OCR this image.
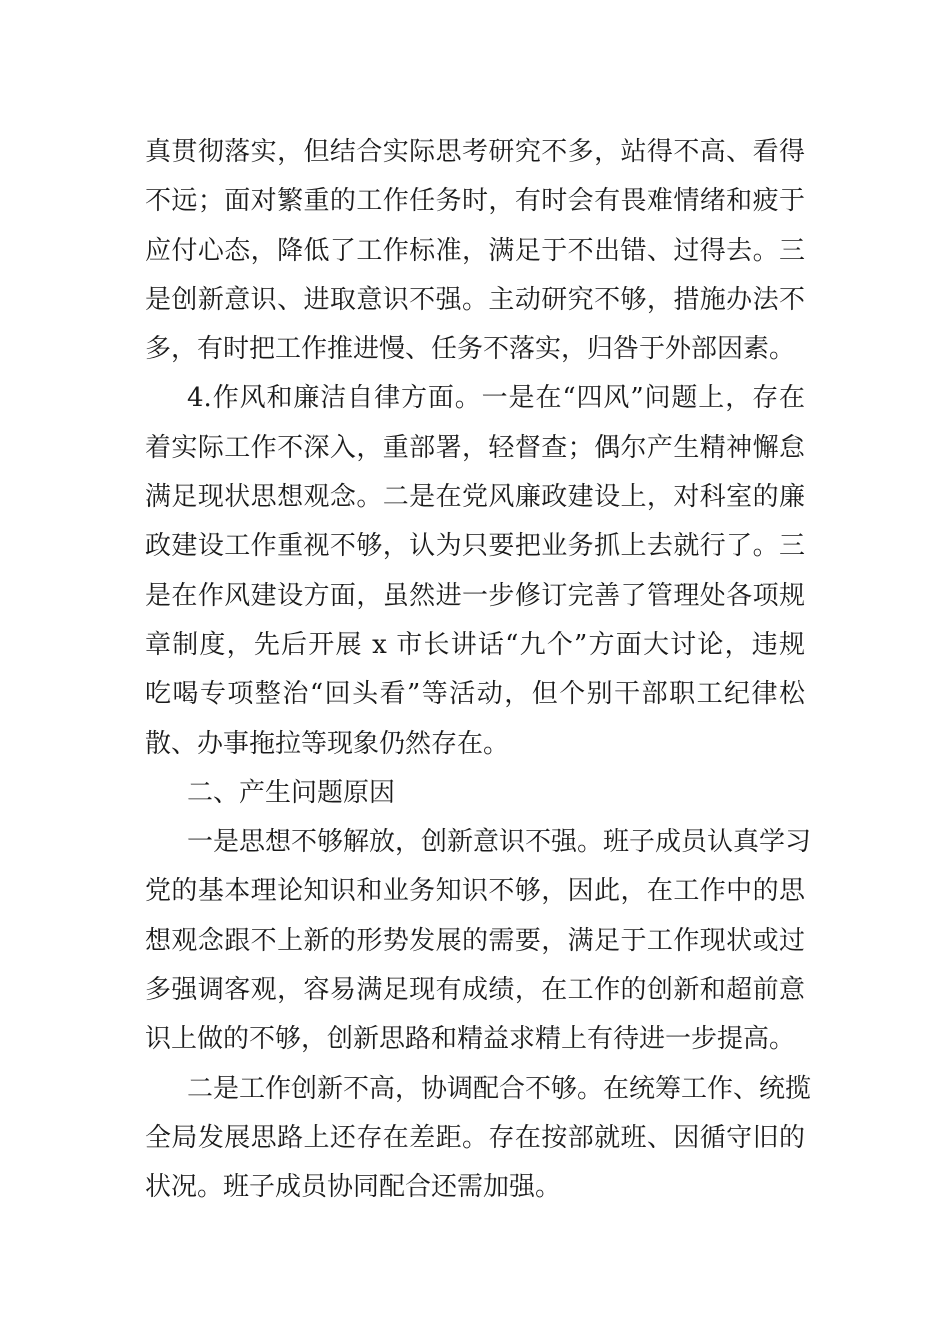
真贯彻落实，但结合实际思考研究不多，站得不高、看得
不远；面对繁重的工作任务时，有时会有畏难情绪和疲于
应付心态，降低了工作标准，满足于不出错、过得去。三
是创新意识、进取意识不强。主动研究不够，措施办法不
多，有时把工作推进慢、任务不落实，归咎于外部因素。
4.作风和廉洁自律方面。一是在“四风”问题上，存在
着实际工作不深入，重部署，轻督查；偶尔产生精神懈怠
满足现状思想观念。二是在党风廉政建设上，对科室的廉
政建设工作重视不够，认为只要把业务抓上去就行了。三
是在作风建设方面，虽然进一步修订完善了管理处各项规
章制度，先后开展 x 市长讲话“九个”方面大讨论，违规
吃喝专项整治“回头看”等活动，但个别干部职工纪律松
散、办事拖拉等现象仍然存在。
二、产生问题原因
一是思想不够解放，创新意识不强。班子成员认真学习
党的基本理论知识和业务知识不够，因此，在工作中的思
想观念跟不上新的形势发展的需要，满足于工作现状或过
多强调客观，容易满足现有成绩，在工作的创新和超前意
识上做的不够，创新思路和精益求精上有待进一步提高。
二是工作创新不高，协调配合不够。在统筹工作、统揽
全局发展思路上还存在差距。存在按部就班、因循守旧的
状况。班子成员协同配合还需加强。
